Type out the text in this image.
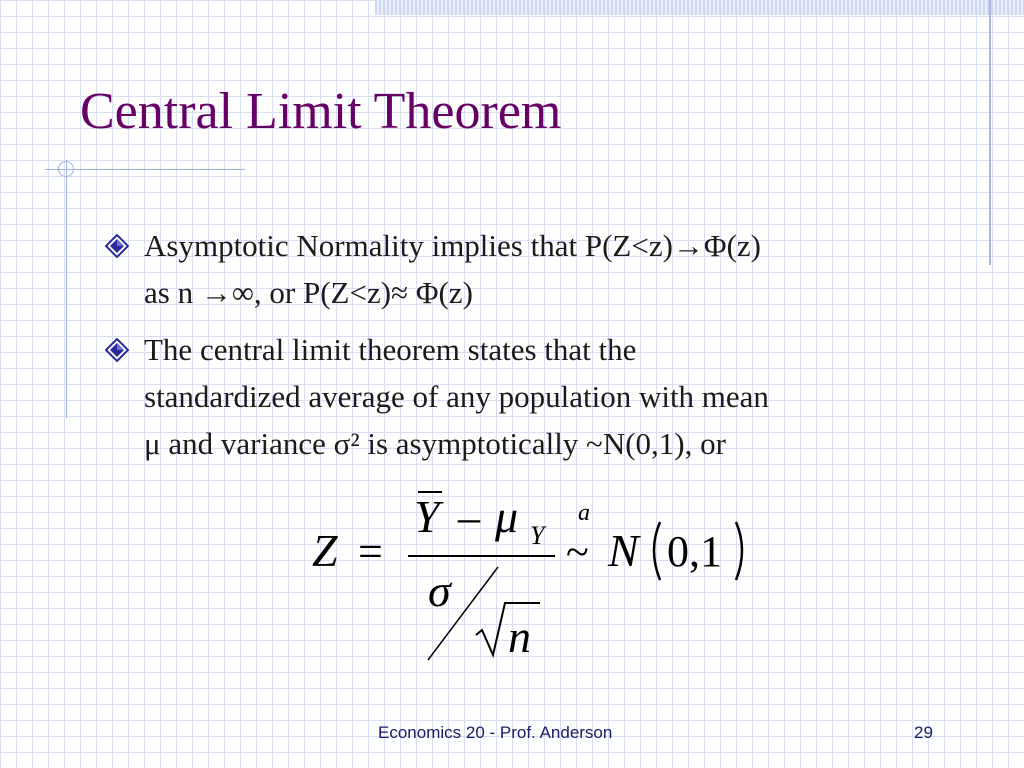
Central Limit Theorem
Asymptotic Normality implies that P(Z<z)→Φ(z)
as n →∞, or P(Z<z)≈ Φ(z)
The central limit theorem states that the
standardized average of any population with mean
μ and variance σ² is asymptotically ~N(0,1), or
Z =
Y – μ Y
σ
n
a
~ N 0,1
Economics 20 - Prof. Anderson	29
